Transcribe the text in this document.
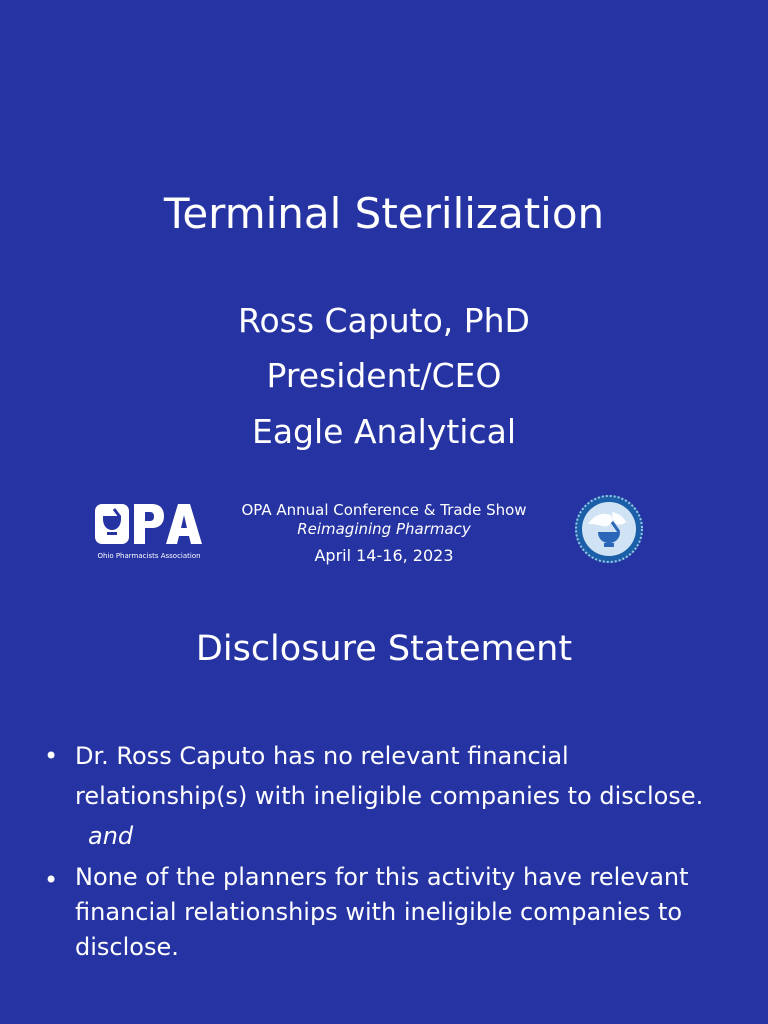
Terminal Sterilization
Ross Caputo, PhD
President/CEO
Eagle Analytical
Ohio Pharmacists Association
OPA Annual Conference & Trade Show
Reimagining Pharmacy
April 14-16, 2023
Disclosure Statement
• Dr. Ross Caputo has no relevant financial relationship(s) with ineligible companies to disclose.
and
• None of the planners for this activity have relevant financial relationships with ineligible companies to disclose.
